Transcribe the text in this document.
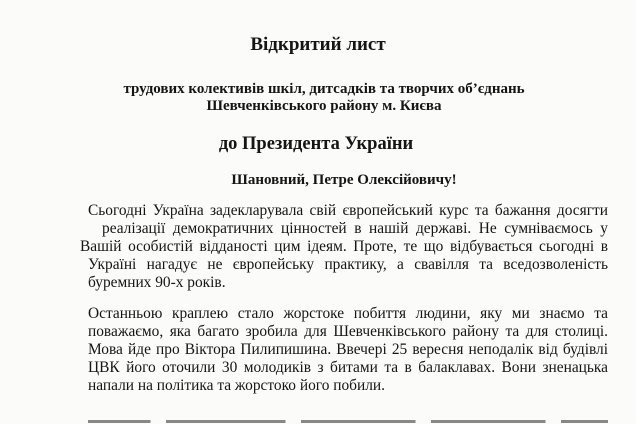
Відкритий лист
трудових колективів шкіл, дитсадків та творчих об’єднань
Шевченківського району м. Києва
до Президента України
Шановний, Петре Олексійовичу!
Сьогодні Україна задекларувала свій європейський курс та бажання досягти
реалізації демократичних цінностей в нашій державі. Не сумніваємось у
Вашій особистій відданості цим ідеям. Проте, те що відбувається сьогодні в
Україні нагадує не європейську практику, а свавілля та вседозволеність
буремних 90-х років.
Останньою краплею стало жорстоке побиття людини, яку ми знаємо та
поважаємо, яка багато зробила для Шевченківського району та для столиці.
Мова йде про Віктора Пилипишина. Ввечері 25 вересня неподалік від будівлі
ЦВК його оточили 30 молодиків з битами та в балаклавах. Вони зненацька
напали на політика та жорстоко його побили.
